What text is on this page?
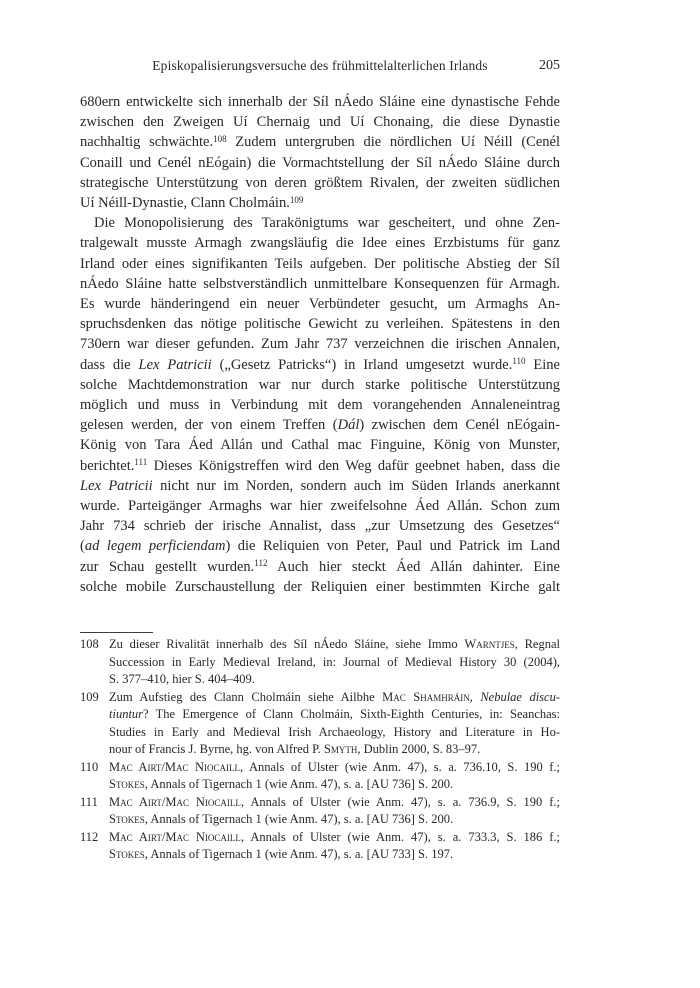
Episkopalisierungsversuche des frühmittelalterlichen Irlands	205
680ern entwickelte sich innerhalb der Síl nÁedo Sláine eine dynastische Fehde
zwischen den Zweigen Uí Chernaig und Uí Chonaing, die diese Dynastie
nachhaltig schwächte.$^{108}$ Zudem untergruben die nördlichen Uí Néill (Cenél
Conaill und Cenél nEógain) die Vormachtstellung der Síl nÁedo Sláine durch
strategische Unterstützung von deren größtem Rivalen, der zweiten südlichen
Uí Néill-Dynastie, Clann Cholmáin.$^{109}$
Die Monopolisierung des Tarakönigtums war gescheitert, und ohne Zen-
tralgewalt musste Armagh zwangsläufig die Idee eines Erzbistums für ganz
Irland oder eines signifikanten Teils aufgeben. Der politische Abstieg der Síl
nÁedo Sláine hatte selbstverständlich unmittelbare Konsequenzen für Armagh.
Es wurde händeringend ein neuer Verbündeter gesucht, um Armaghs An-
spruchsdenken das nötige politische Gewicht zu verleihen. Spätestens in den
730ern war dieser gefunden. Zum Jahr 737 verzeichnen die irischen Annalen,
dass die Lex Patricii („Gesetz Patricks“) in Irland umgesetzt wurde.$^{110}$ Eine
solche Machtdemonstration war nur durch starke politische Unterstützung
möglich und muss in Verbindung mit dem vorangehenden Annaleneintrag
gelesen werden, der von einem Treffen (Dál) zwischen dem Cenél nEógain-
König von Tara Áed Allán und Cathal mac Finguine, König von Munster,
berichtet.$^{111}$ Dieses Königstreffen wird den Weg dafür geebnet haben, dass die
Lex Patricii nicht nur im Norden, sondern auch im Süden Irlands anerkannt
wurde. Parteigänger Armaghs war hier zweifelsohne Áed Allán. Schon zum
Jahr 734 schrieb der irische Annalist, dass „zur Umsetzung des Gesetzes“
(ad legem perficiendam) die Reliquien von Peter, Paul und Patrick im Land
zur Schau gestellt wurden.$^{112}$ Auch hier steckt Áed Allán dahinter. Eine
solche mobile Zurschaustellung der Reliquien einer bestimmten Kirche galt
108 Zu dieser Rivalität innerhalb des Síl nÁedo Sláine, siehe Immo Warntjes, Regnal
Succession in Early Medieval Ireland, in: Journal of Medieval History 30 (2004),
S. 377–410, hier S. 404–409.
109 Zum Aufstieg des Clann Cholmáin siehe Ailbhe Mac Shamhráin, Nebulae discu-
tiuntur? The Emergence of Clann Cholmáin, Sixth-Eighth Centuries, in: Seanchas:
Studies in Early and Medieval Irish Archaeology, History and Literature in Ho-
nour of Francis J. Byrne, hg. von Alfred P. Smyth, Dublin 2000, S. 83–97.
110 Mac Airt/Mac Niocaill, Annals of Ulster (wie Anm. 47), s. a. 736.10, S. 190 f.;
Stokes, Annals of Tigernach 1 (wie Anm. 47), s. a. [AU 736] S. 200.
111 Mac Airt/Mac Niocaill, Annals of Ulster (wie Anm. 47), s. a. 736.9, S. 190 f.;
Stokes, Annals of Tigernach 1 (wie Anm. 47), s. a. [AU 736] S. 200.
112 Mac Airt/Mac Niocaill, Annals of Ulster (wie Anm. 47), s. a. 733.3, S. 186 f.;
Stokes, Annals of Tigernach 1 (wie Anm. 47), s. a. [AU 733] S. 197.
